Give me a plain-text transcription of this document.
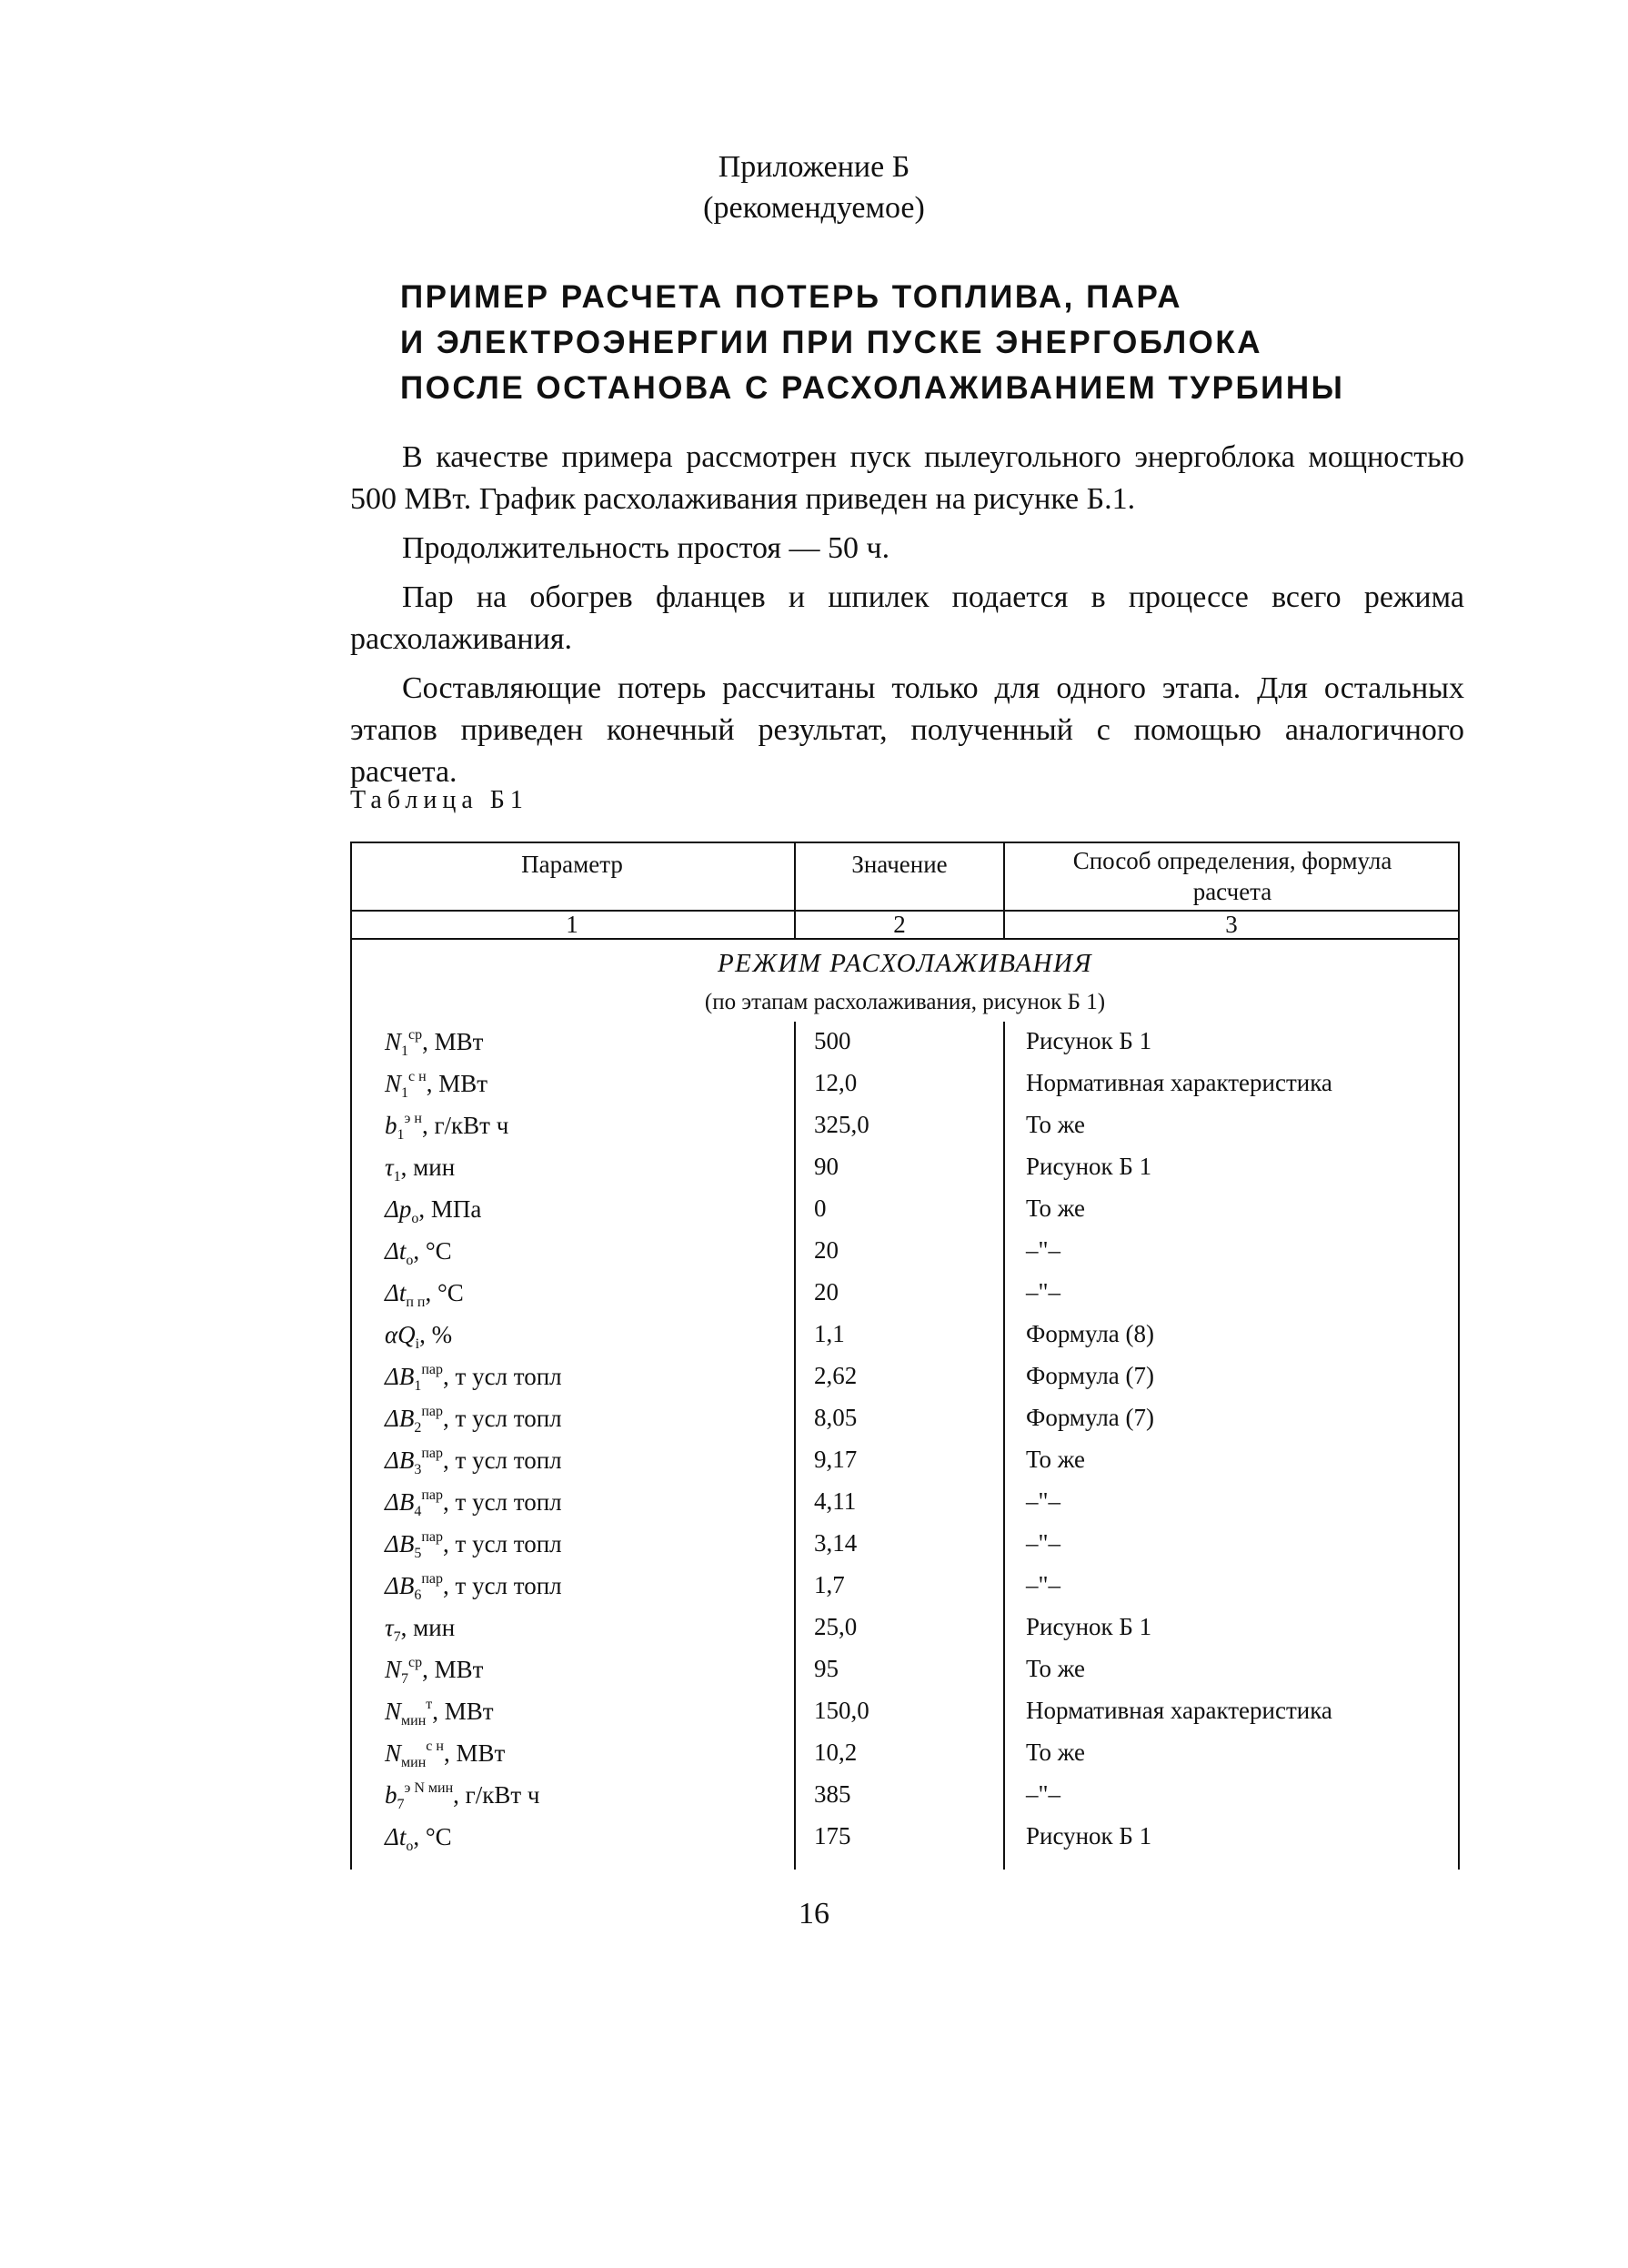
Приложение Б
(рекомендуемое)
ПРИМЕР РАСЧЕТА ПОТЕРЬ ТОПЛИВА, ПАРА
И ЭЛЕКТРОЭНЕРГИИ ПРИ ПУСКЕ ЭНЕРГОБЛОКА
ПОСЛЕ ОСТАНОВА С РАСХОЛАЖИВАНИЕМ ТУРБИНЫ

В качестве примера рассмотрен пуск пылеугольного энергоблока мощностью 500 МВт. График расхолаживания приведен на рисунке Б.1.

Продолжительность простоя — 50 ч.

Пар на обогрев фланцев и шпилек подается в процессе всего режима расхолаживания.

Составляющие потерь рассчитаны только для одного этапа. Для остальных этапов приведен конечный результат, полученный с помощью аналогичного расчета.

Таблица Б1
Параметр	Значение	Способ определения, формула расчета
1	2	3
РЕЖИМ РАСХОЛАЖИВАНИЯ
(по этапам расхолаживания, рисунок Б 1)
$N_1^{ср}$, МВт	500	Рисунок Б 1
$N_1^{с н}$, МВт	12,0	Нормативная характеристика
$b_1^{э н}$, г/кВт ч	325,0	То же
$\tau_1$, мин	90	Рисунок Б 1
$\Delta p_о$, МПа	0	То же
$\Delta t_о$, °С	20	–"–
$\Delta t_{п п}$, °С	20	–"–
$\alpha Q_i$, %	1,1	Формула (8)
$\Delta B_1^{пар}$, т усл топл	2,62	Формула (7)
$\Delta B_2^{пар}$, т усл топл	8,05	Формула (7)
$\Delta B_3^{пар}$, т усл топл	9,17	То же
$\Delta B_4^{пар}$, т усл топл	4,11	–"–
$\Delta B_5^{пар}$, т усл топл	3,14	–"–
$\Delta B_6^{пар}$, т усл топл	1,7	–"–
$\tau_7$, мин	25,0	Рисунок Б 1
$N_7^{ср}$, МВт	95	То же
$N_{мин}^т$, МВт	150,0	Нормативная характеристика
$N_{мин}^{с н}$, МВт	10,2	То же
$b_7^{э N мин}$, г/кВт ч	385	–"–
$\Delta t_о$, °С	175	Рисунок Б 1
16
